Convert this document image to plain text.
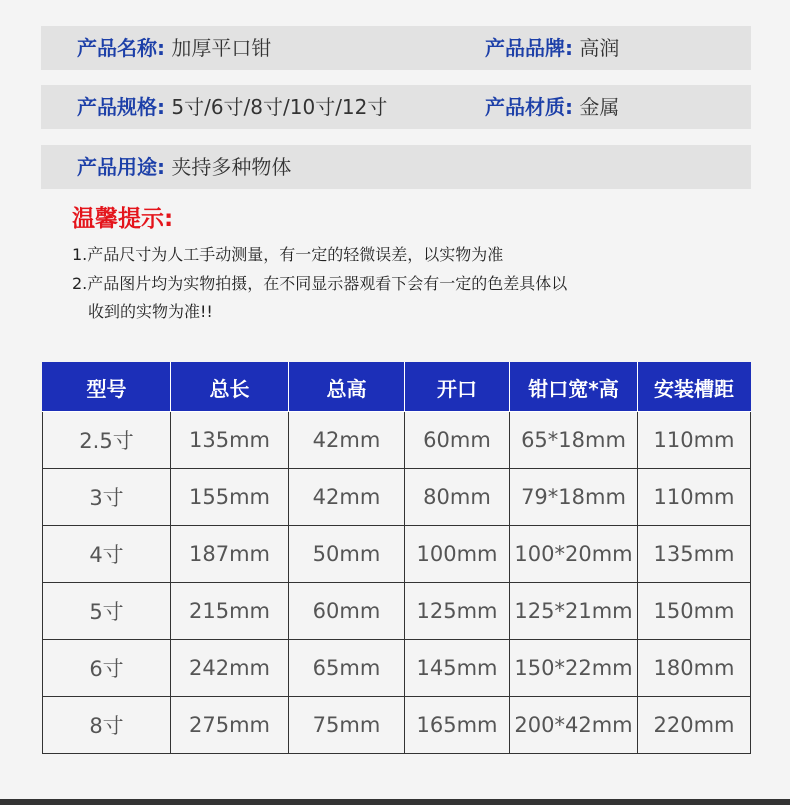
产品名称: 加厚平口钳	产品品牌: 高润
产品规格: 5寸/6寸/8寸/10寸/12寸	产品材质: 金属
产品用途: 夹持多种物体
温馨提示:
1.产品尺寸为人工手动测量，有一定的轻微误差，以实物为准
2.产品图片均为实物拍摄，在不同显示器观看下会有一定的色差具体以
收到的实物为准!!
型号	总长	总高	开口	钳口宽*高	安装槽距
2.5寸	135mm	42mm	60mm	65*18mm	110mm
3寸	155mm	42mm	80mm	79*18mm	110mm
4寸	187mm	50mm	100mm	100*20mm	135mm
5寸	215mm	60mm	125mm	125*21mm	150mm
6寸	242mm	65mm	145mm	150*22mm	180mm
8寸	275mm	75mm	165mm	200*42mm	220mm
